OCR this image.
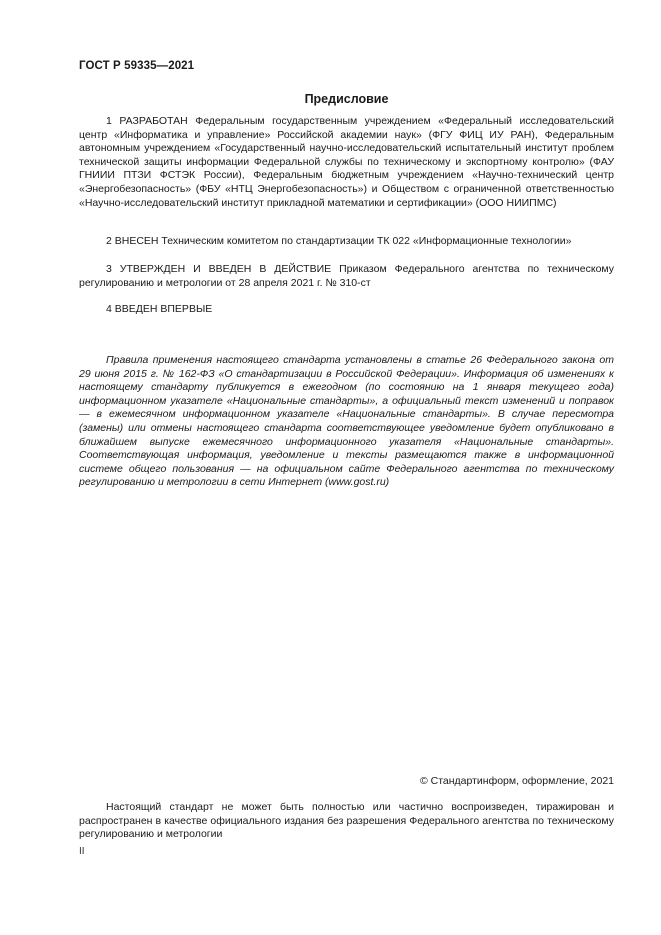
ГОСТ Р 59335—2021
Предисловие

1 РАЗРАБОТАН Федеральным государственным учреждением «Федеральный исследовательский центр «Информатика и управление» Российской академии наук» (ФГУ ФИЦ ИУ РАН), Федеральным автономным учреждением «Государственный научно-исследовательский испытательный институт проблем технической защиты информации Федеральной службы по техническому и экспортному контролю» (ФАУ ГНИИИ ПТЗИ ФСТЭК России), Федеральным бюджетным учреждением «Научно-технический центр «Энергобезопасность» (ФБУ «НТЦ Энергобезопасность») и Обществом с ограниченной ответственностью «Научно-исследовательский институт прикладной математики и сертификации» (ООО НИИПМС)

2 ВНЕСЕН Техническим комитетом по стандартизации ТК 022 «Информационные технологии»

3 УТВЕРЖДЕН И ВВЕДЕН В ДЕЙСТВИЕ Приказом Федерального агентства по техническому регулированию и метрологии от 28 апреля 2021 г. № 310-ст

4 ВВЕДЕН ВПЕРВЫЕ

Правила применения настоящего стандарта установлены в статье 26 Федерального закона от 29 июня 2015 г. № 162-ФЗ «О стандартизации в Российской Федерации». Информация об изменениях к настоящему стандарту публикуется в ежегодном (по состоянию на 1 января текущего года) информационном указателе «Национальные стандарты», а официальный текст изменений и поправок — в ежемесячном информационном указателе «Национальные стандарты». В случае пересмотра (замены) или отмены настоящего стандарта соответствующее уведомление будет опубликовано в ближайшем выпуске ежемесячного информационного указателя «Национальные стандарты». Соответствующая информация, уведомление и тексты размещаются также в информационной системе общего пользования — на официальном сайте Федерального агентства по техническому регулированию и метрологии в сети Интернет (www.gost.ru)

© Стандартинформ, оформление, 2021

Настоящий стандарт не может быть полностью или частично воспроизведен, тиражирован и распространен в качестве официального издания без разрешения Федерального агентства по техническому регулированию и метрологии

II
